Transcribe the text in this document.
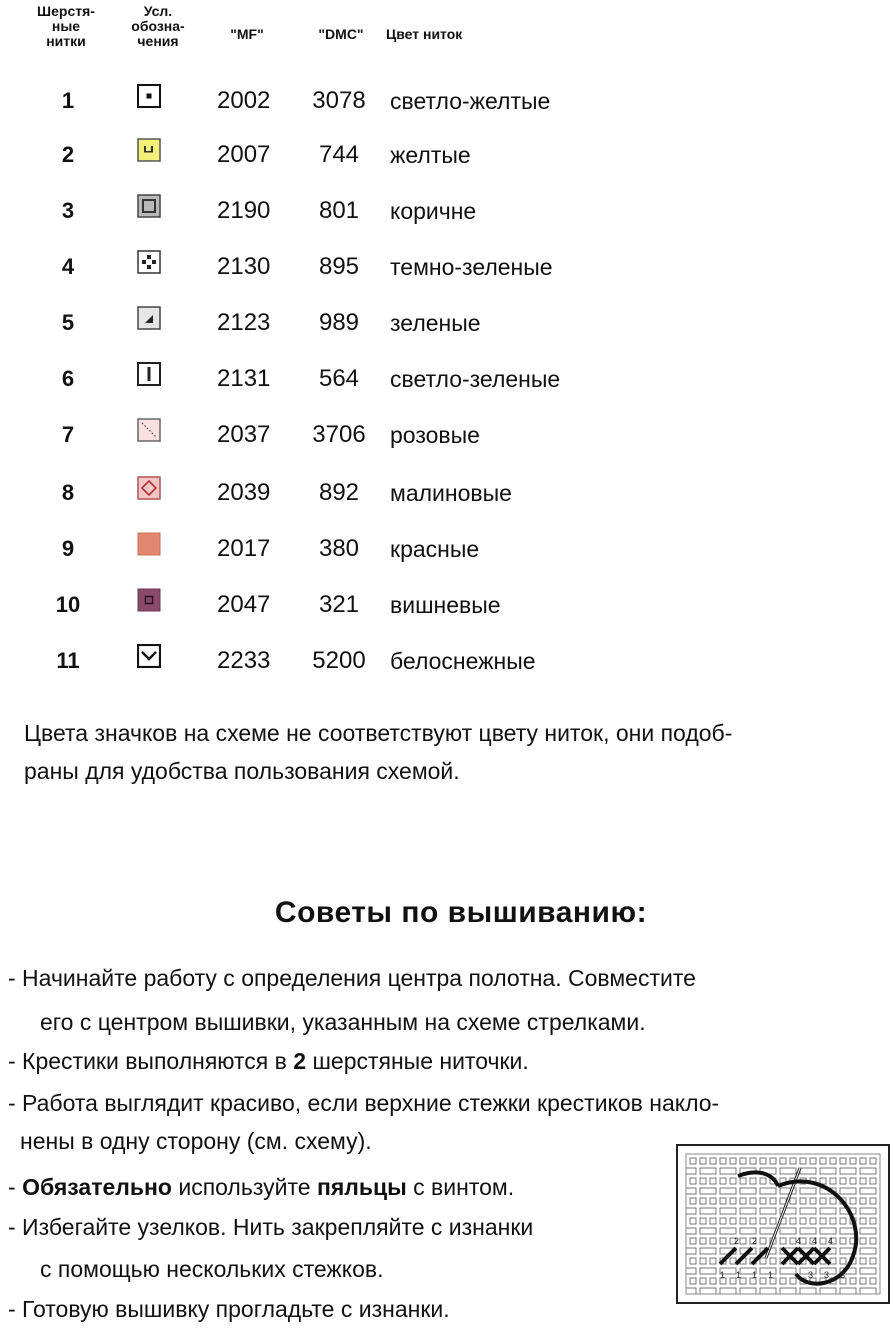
Шерстя-
ные
нитки
Усл.
обозна-
чения	"MF"	"DMC"	Цвет ниток
1	2002 3078 светло-желтые
2	2007	744	желтые
3	2190	801	коричне
4	2130	895	темно-зеленые
5	2123	989	зеленые
6	2131	564	светло-зеленые
7	2037 3706 розовые
8	2039	892	малиновые
9	2017	380	красные
10	2047	321	вишневые
11	2233 5200 белоснежные
Цвета значков на схеме не соответствуют цвету ниток, они подоб-
раны для удобства пользования схемой.
Советы по вышиванию:
- Начинайте работу с определения центра полотна. Совместите
его с центром вышивки, указанным на схеме стрелками.
- Крестики выполняются в 2 шерстяные ниточки.
- Работа выглядит красиво, если верхние стежки крестиков накло-
нены в одну сторону (см. схему).
- Обязательно используйте пяльцы с винтом.
- Избегайте узелков. Нить закрепляйте с изнанки
с помощью нескольких стежков.
- Готовую вышивку прогладьте с изнанки.
2 2	4 4 4
1 1 1 1	3 3 3
